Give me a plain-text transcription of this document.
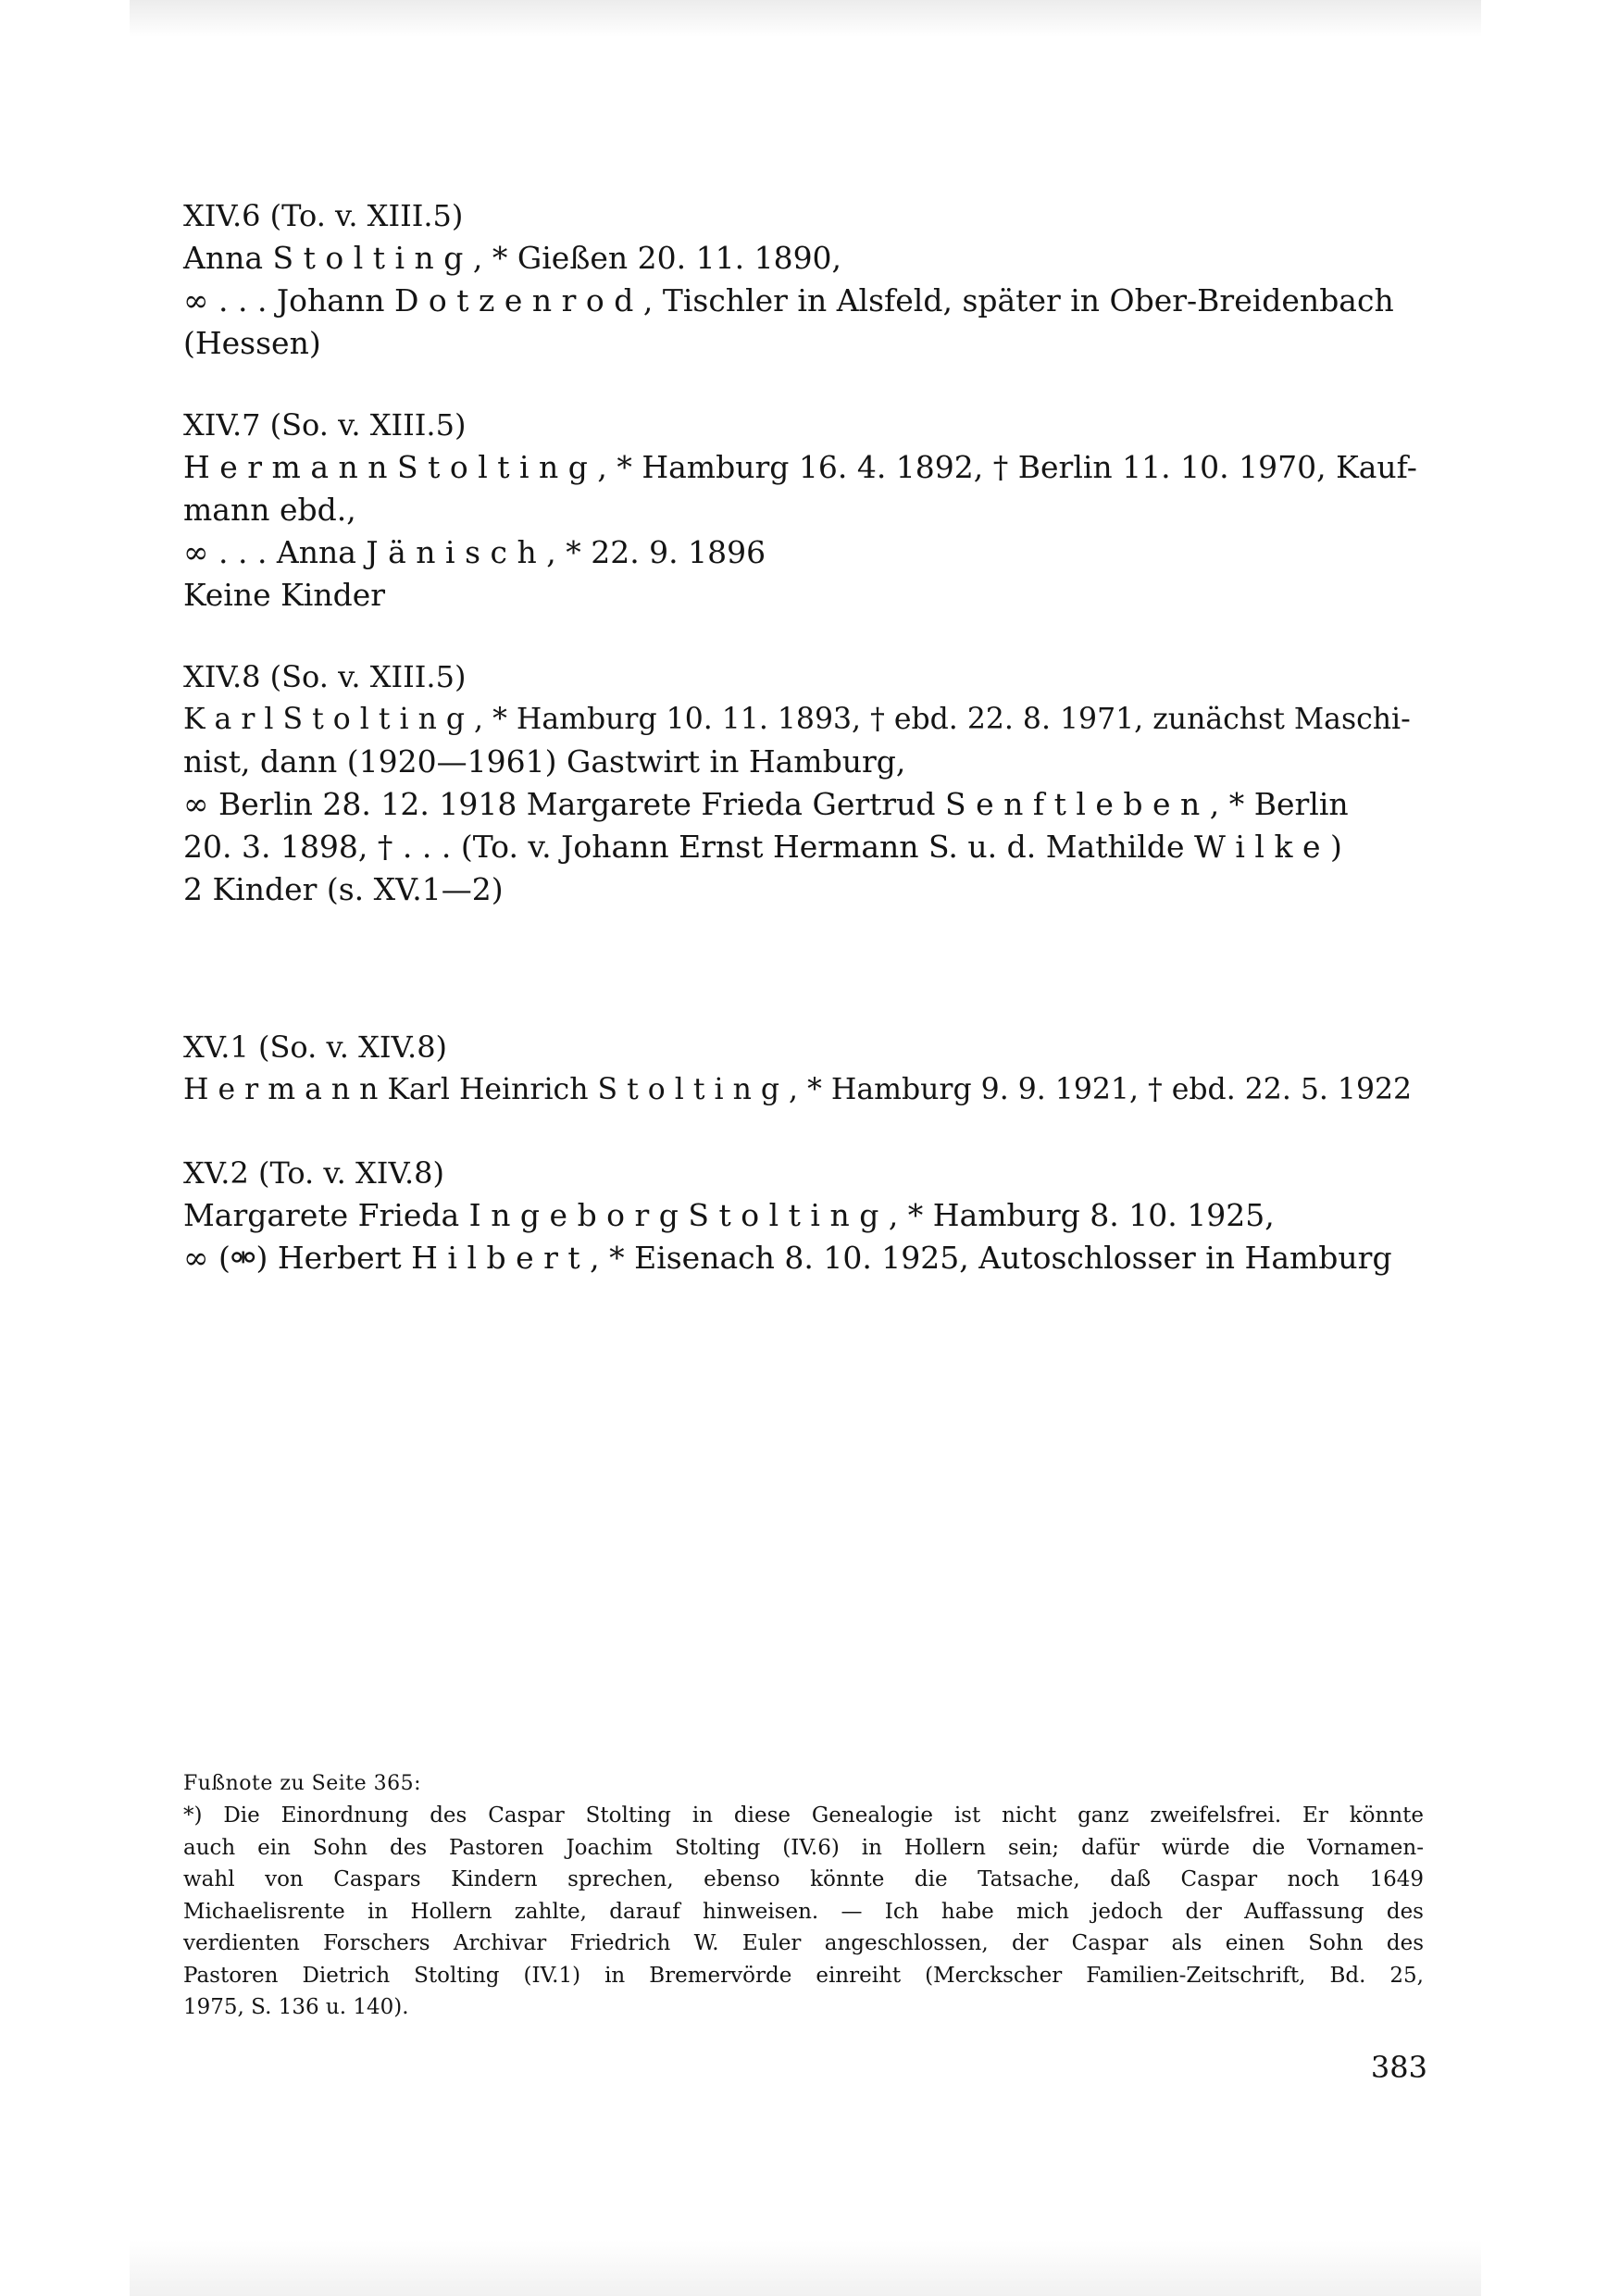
XIV.6 (To. v. XIII.5)
Anna S t o l t i n g , * Gießen 20. 11. 1890,
∞ . . . Johann D o t z e n r o d , Tischler in Alsfeld, später in Ober-Breidenbach
(Hessen)
XIV.7 (So. v. XIII.5)
H e r m a n n S t o l t i n g , * Hamburg 16. 4. 1892, † Berlin 11. 10. 1970, Kauf-
mann ebd.,
∞ . . . Anna J ä n i s c h , * 22. 9. 1896
Keine Kinder
XIV.8 (So. v. XIII.5)
K a r l S t o l t i n g , * Hamburg 10. 11. 1893, † ebd. 22. 8. 1971, zunächst Maschi-
nist, dann (1920—1961) Gastwirt in Hamburg,
∞ Berlin 28. 12. 1918 Margarete Frieda Gertrud S e n f t l e b e n , * Berlin
20. 3. 1898, † . . . (To. v. Johann Ernst Hermann S. u. d. Mathilde W i l k e )
2 Kinder (s. XV.1—2)
XV.1 (So. v. XIV.8)
H e r m a n n Karl Heinrich S t o l t i n g , * Hamburg 9. 9. 1921, † ebd. 22. 5. 1922
XV.2 (To. v. XIV.8)
Margarete Frieda I n g e b o r g S t o l t i n g , * Hamburg 8. 10. 1925,
∞ (⚮) Herbert H i l b e r t , * Eisenach 8. 10. 1925, Autoschlosser in Hamburg
Fußnote zu Seite 365:
*) Die Einordnung des Caspar Stolting in diese Genealogie ist nicht ganz zweifelsfrei. Er könnte
auch ein Sohn des Pastoren Joachim Stolting (IV.6) in Hollern sein; dafür würde die Vornamen-
wahl von Caspars Kindern sprechen, ebenso könnte die Tatsache, daß Caspar noch 1649
Michaelisrente in Hollern zahlte, darauf hinweisen. — Ich habe mich jedoch der Auffassung des
verdienten Forschers Archivar Friedrich W. Euler angeschlossen, der Caspar als einen Sohn des
Pastoren Dietrich Stolting (IV.1) in Bremervörde einreiht (Merckscher Familien-Zeitschrift, Bd. 25,
1975, S. 136 u. 140).
383
